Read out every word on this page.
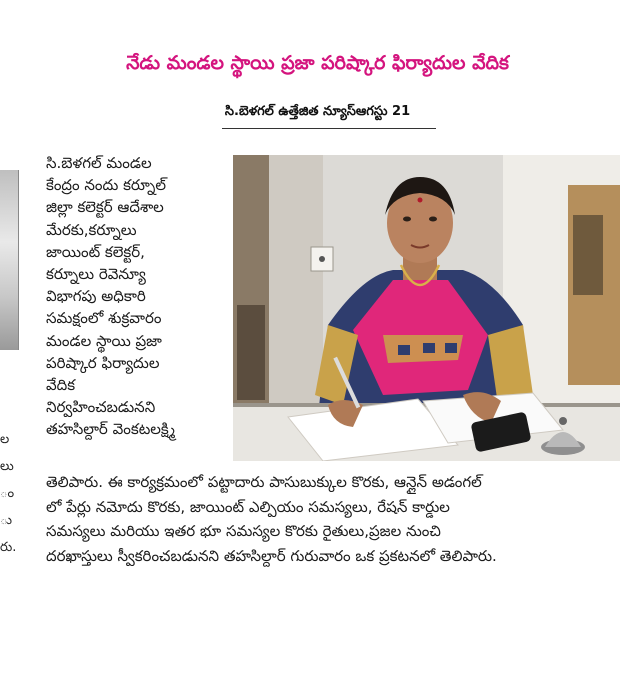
నేడు మండల స్థాయి ప్రజా పరిష్కార ఫిర్యాదుల వేదిక
సి.బెళగల్ ఉత్తేజిత న్యూస్ఆగస్టు 21
ల
లు
ం
ు
రు.
సి.బెళగల్ మండల
కేంద్రం నందు కర్నూల్
జిల్లా కలెక్టర్ ఆదేశాల
మేరకు,కర్నూలు
జాయింట్ కలెక్టర్,
కర్నూలు రెవెన్యూ
విభాగపు అధికారి
సమక్షంలో శుక్రవారం
మండల స్థాయి ప్రజా
పరిష్కార ఫిర్యాదుల
వేదిక
నిర్వహించబడునని
తహసిల్దార్ వెంకటలక్ష్మి
తెలిపారు. ఈ కార్యక్రమంలో పట్టాదారు పాసుబుక్కుల కొరకు, ఆన్లైన్ అడంగల్
లో పేర్లు నమోదు కొరకు, జాయింట్ ఎల్పియం సమస్యలు, రేషన్ కార్డుల
సమస్యలు మరియు ఇతర భూ సమస్యల కొరకు రైతులు,ప్రజల నుంచి
దరఖాస్తులు స్వీకరించబడునని తహసిల్దార్ గురువారం ఒక ప్రకటనలో తెలిపారు.
